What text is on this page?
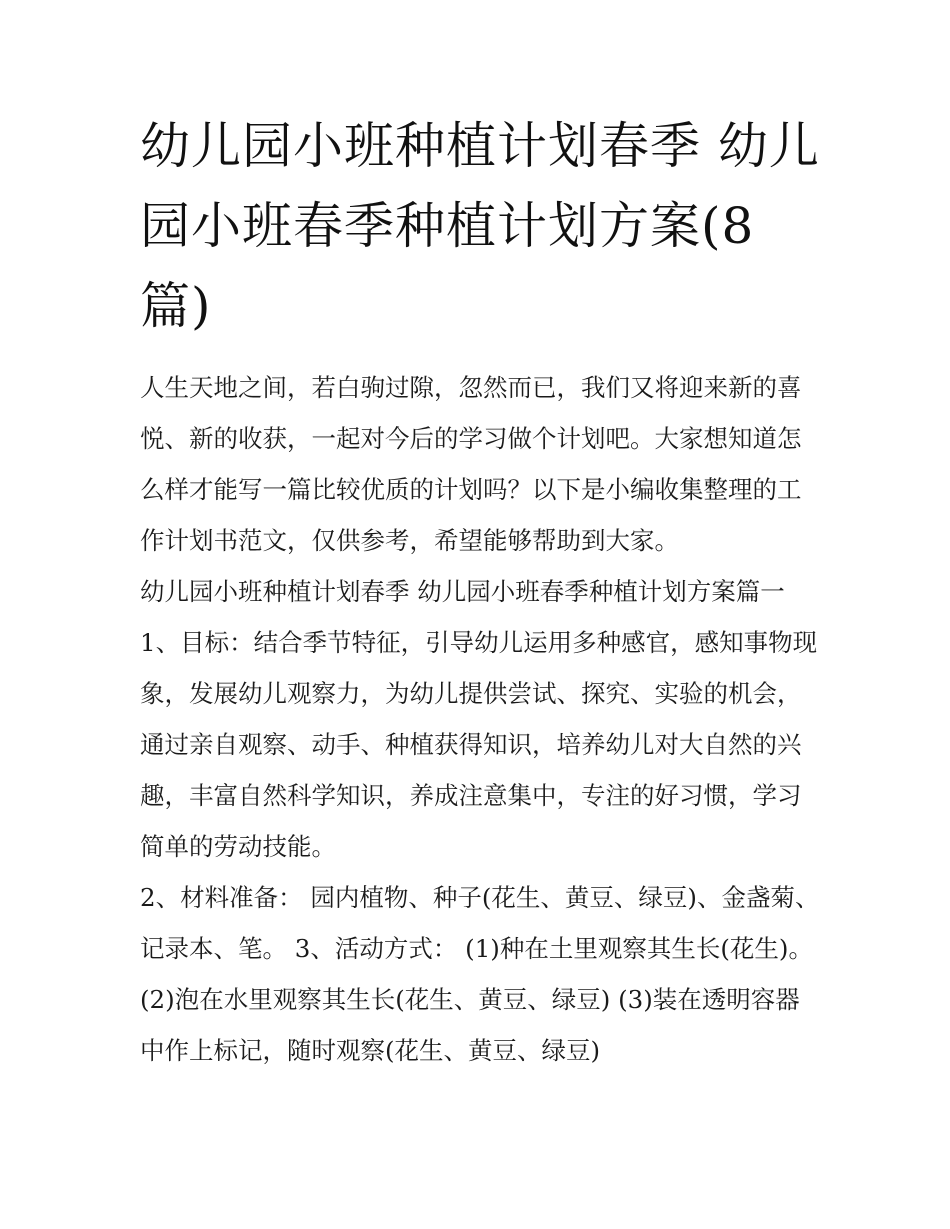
幼儿园小班种植计划春季 幼儿园小班春季种植计划方案(8篇)

人生天地之间，若白驹过隙，忽然而已，我们又将迎来新的喜悦、新的收获，一起对今后的学习做个计划吧。大家想知道怎么样才能写一篇比较优质的计划吗？以下是小编收集整理的工作计划书范文，仅供参考，希望能够帮助到大家。

幼儿园小班种植计划春季 幼儿园小班春季种植计划方案篇一

1、目标：结合季节特征，引导幼儿运用多种感官，感知事物现象，发展幼儿观察力，为幼儿提供尝试、探究、实验的机会，通过亲自观察、动手、种植获得知识，培养幼儿对大自然的兴趣，丰富自然科学知识，养成注意集中，专注的好习惯，学习简单的劳动技能。

2、材料准备： 园内植物、种子(花生、黄豆、绿豆)、金盏菊、记录本、笔。 3、活动方式： (1)种在土里观察其生长(花生)。

(2)泡在水里观察其生长(花生、黄豆、绿豆) (3)装在透明容器中作上标记，随时观察(花生、黄豆、绿豆)
